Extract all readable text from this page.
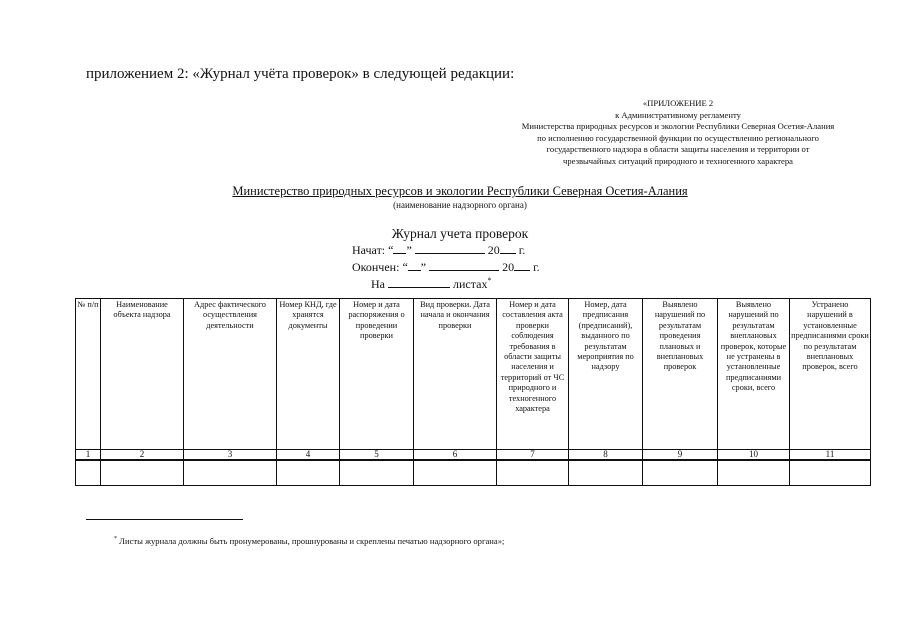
приложением 2: «Журнал учёта проверок» в следующей редакции:
«ПРИЛОЖЕНИЕ 2
к Административному регламенту
Министерства природных ресурсов и экологии Республики Северная Осетия-Алания
по исполнению государственной функции по осуществлению регионального
государственного надзора в области защиты населения и территории от
чрезвычайных ситуаций природного и техногенного характера
Министерство природных ресурсов и экологии Республики Северная Осетия-Алания
(наименование надзорного органа)
Журнал учета проверок
Начат: “ ”	20 г.
Окончен: “ ”	20 г.
На	листах*
№ п/п	Наименование объекта надзора	Адрес фактического осуществления деятельности	Номер КНД, где хранятся документы	Номер и дата распоряжения о проведении проверки	Вид проверки. Дата начала и окончания проверки	Номер и дата составления акта проверки соблюдения требования в области защиты населения и территорий от ЧС природного и техногенного характера	Номер, дата предписания (предписаний), выданного по результатам мероприятия по надзору	Выявлено нарушений по результатам проведения плановых и внеплановых проверок	Выявлено нарушений по результатам внеплановых проверок, которые не устранены в установленные предписаниями сроки, всего	Устранено нарушений в установленные предписаниями сроки по результатам внеплановых проверок, всего
1	2	3	4	5	6	7	8	9	10	11

* Листы журнала должны быть пронумерованы, прошнурованы и скреплены печатью надзорного органа»;
